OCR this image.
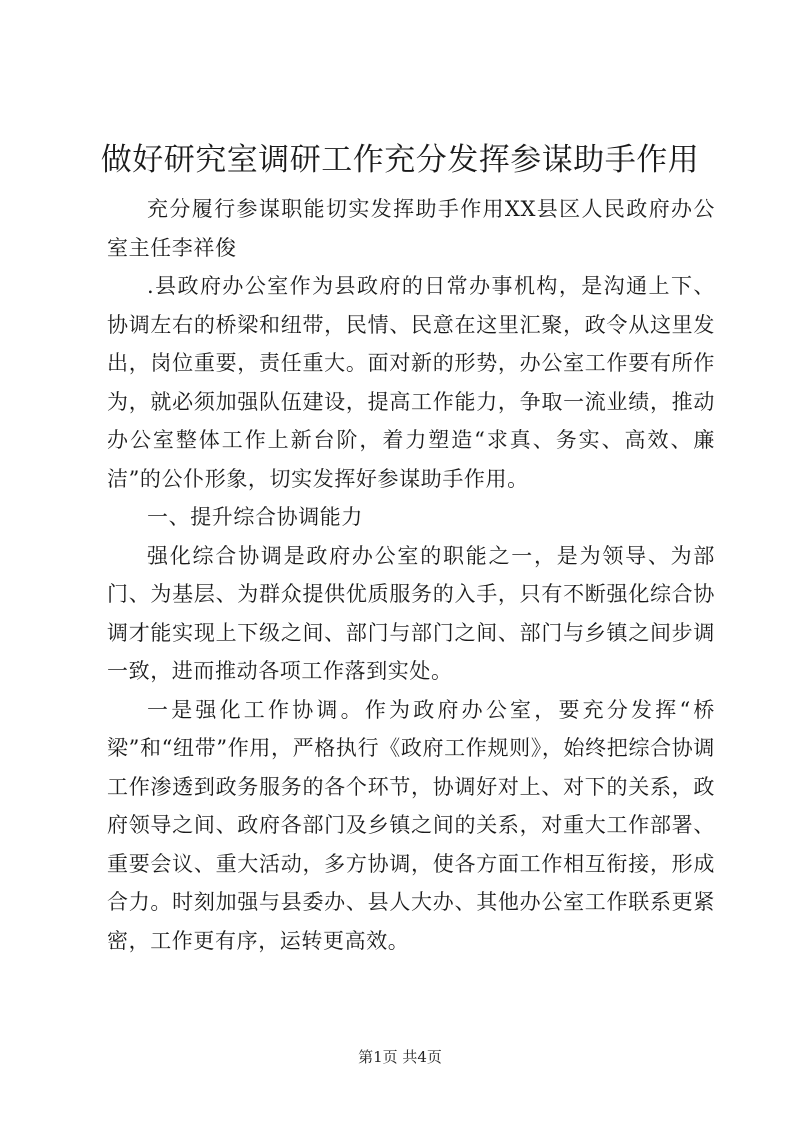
做好研究室调研工作充分发挥参谋助手作用

充分履行参谋职能切实发挥助手作用XX县区人民政府办公室主任李祥俊

.县政府办公室作为县政府的日常办事机构，是沟通上下、协调左右的桥梁和纽带，民情、民意在这里汇聚，政令从这里发出，岗位重要，责任重大。面对新的形势，办公室工作要有所作为，就必须加强队伍建设，提高工作能力，争取一流业绩，推动办公室整体工作上新台阶，着力塑造“求真、务实、高效、廉洁”的公仆形象，切实发挥好参谋助手作用。

一、提升综合协调能力

强化综合协调是政府办公室的职能之一，是为领导、为部门、为基层、为群众提供优质服务的入手，只有不断强化综合协调才能实现上下级之间、部门与部门之间、部门与乡镇之间步调一致，进而推动各项工作落到实处。

一是强化工作协调。作为政府办公室，要充分发挥“桥梁”和“纽带”作用，严格执行《政府工作规则》，始终把综合协调工作渗透到政务服务的各个环节，协调好对上、对下的关系，政府领导之间、政府各部门及乡镇之间的关系，对重大工作部署、重要会议、重大活动，多方协调，使各方面工作相互衔接，形成合力。时刻加强与县委办、县人大办、其他办公室工作联系更紧密，工作更有序，运转更高效。

第1页 共4页
